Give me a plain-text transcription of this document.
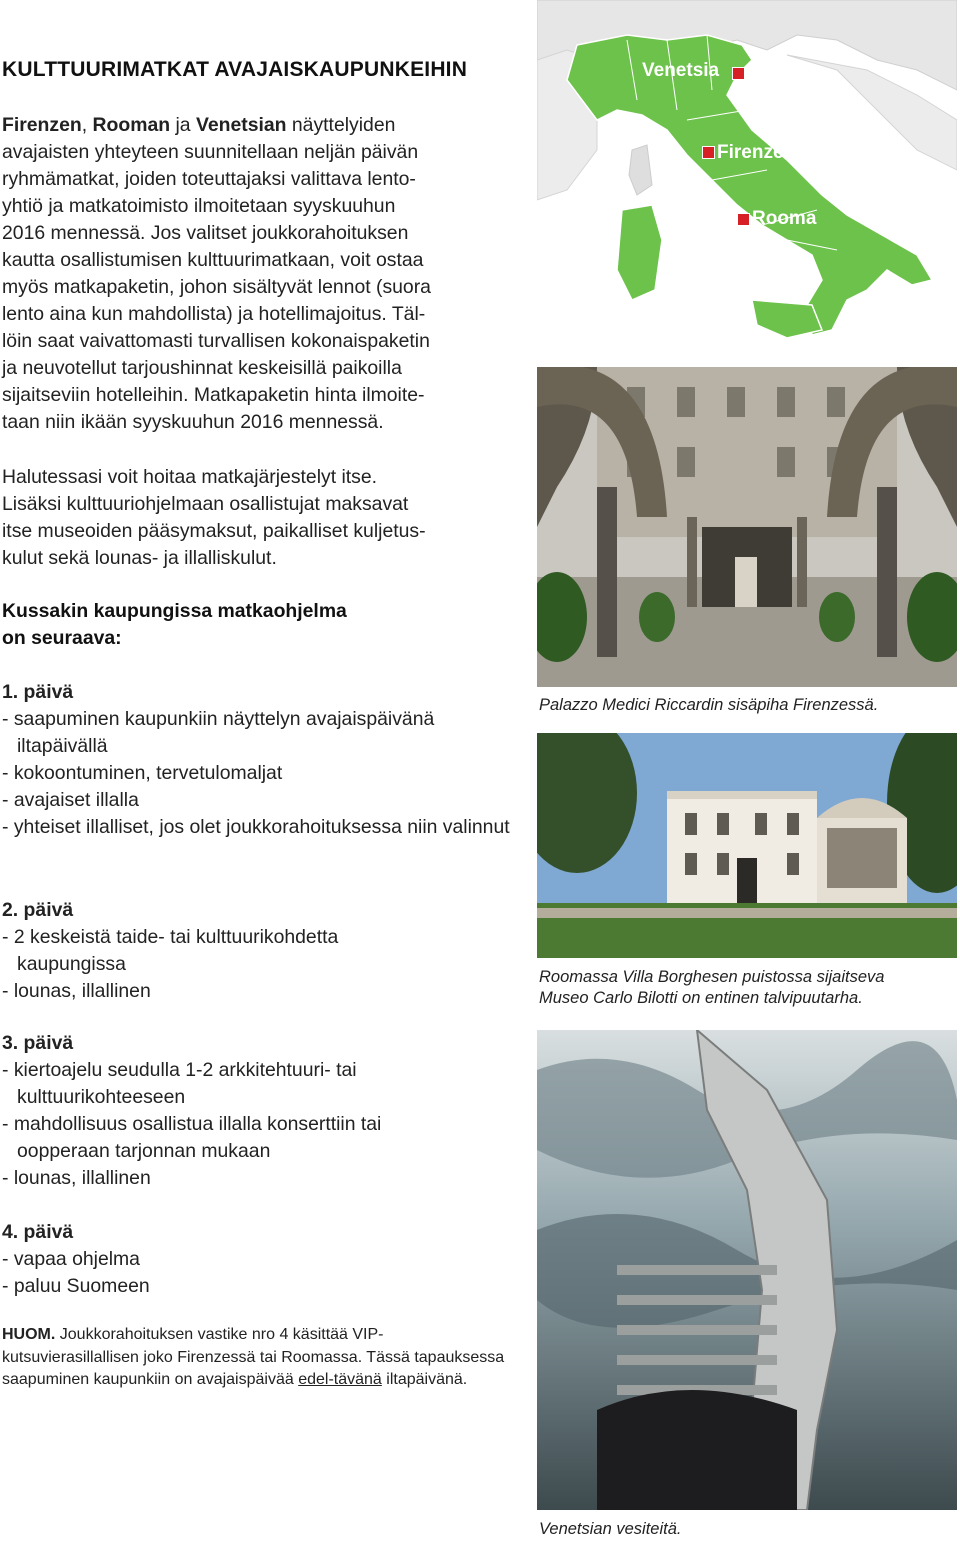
KULTTUURIMATKAT AVAJAISKAUPUNKEIHIN

Firenzen, Rooman ja Venetsian näyttelyiden
avajaisten yhteyteen suunnitellaan neljän päivän
ryhmämatkat, joiden toteuttajaksi valittava lento-
yhtiö ja matkatoimisto ilmoitetaan syyskuuhun
2016 mennessä. Jos valitset joukkorahoituksen
kautta osallistumisen kulttuurimatkaan, voit ostaa
myös matkapaketin, johon sisältyvät lennot (suora
lento aina kun mahdollista) ja hotellimajoitus. Täl-
löin saat vaivattomasti turvallisen kokonaispaketin
ja neuvotellut tarjoushinnat keskeisillä paikoilla
sijaitseviin hotelleihin. Matkapaketin hinta ilmoite-
taan niin ikään syyskuuhun 2016 mennessä.

Halutessasi voit hoitaa matkajärjestelyt itse.
Lisäksi kulttuuriohjelmaan osallistujat maksavat
itse museoiden pääsymaksut, paikalliset kuljetus-
kulut sekä lounas- ja illalliskulut.

Kussakin kaupungissa matkaohjelma
on seuraava:

1. päivä
- saapuminen kaupunkiin näyttelyn avajaispäivänä iltapäivällä
- kokoontuminen, tervetulomaljat
- avajaiset illalla
- yhteiset illalliset, jos olet joukkorahoituksessa niin valinnut
2. päivä
- 2 keskeistä taide- tai kulttuurikohdetta kaupungissa
- lounas, illallinen
3. päivä
- kiertoajelu seudulla 1-2 arkkitehtuuri- tai kulttuurikohteeseen
- mahdollisuus osallistua illalla konserttiin tai oopperaan tarjonnan mukaan
- lounas, illallinen
4. päivä
- vapaa ohjelma
- paluu Suomeen

HUOM. Joukkorahoituksen vastike nro 4 käsittää VIP-kutsuvierasillallisen joko Firenzessä tai Roomassa. Tässä tapauksessa saapuminen kaupunkiin on avajaispäivää edel-tävänä iltapäivänä.

Venetsia
Firenze
Rooma

Palazzo Medici Riccardin sisäpiha Firenzessä.

Roomassa Villa Borghesen puistossa sijaitseva
Museo Carlo Bilotti on entinen talvipuutarha.

Venetsian vesiteitä.
